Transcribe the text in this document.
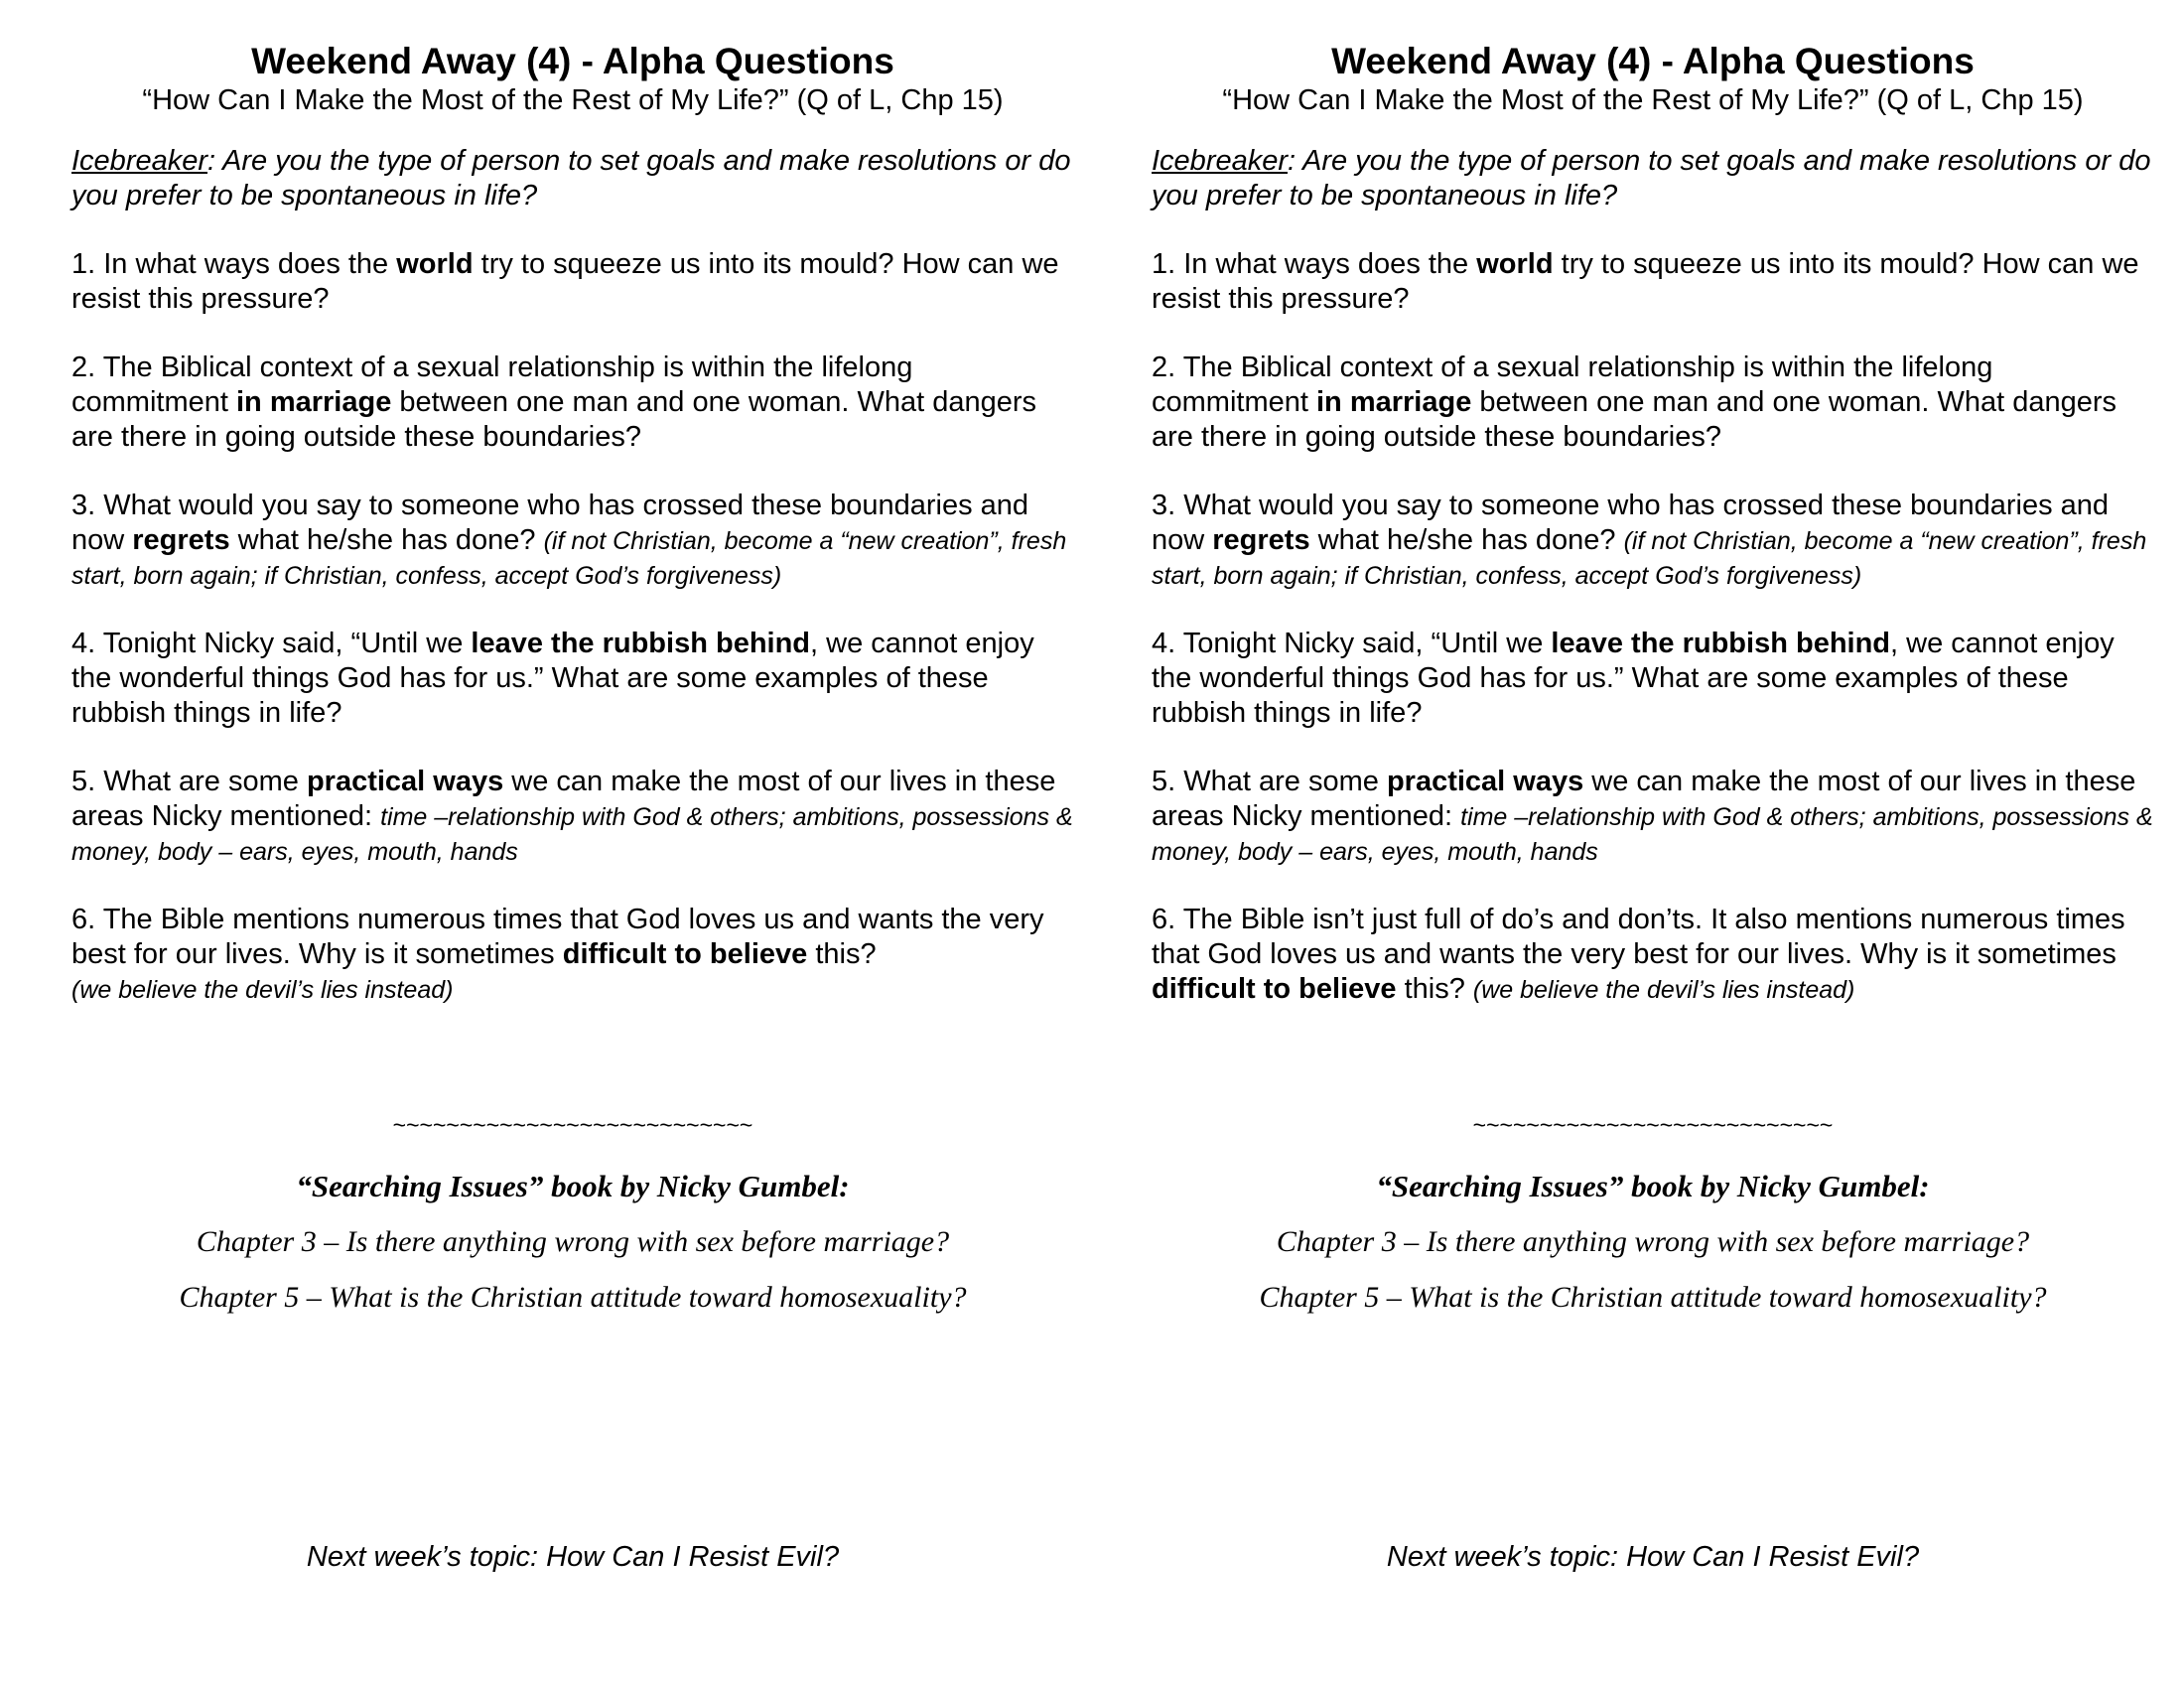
Weekend Away (4) - Alpha Questions

“How Can I Make the Most of the Rest of My Life?” (Q of L, Chp 15)

Icebreaker: Are you the type of person to set goals and make resolutions or do you prefer to be spontaneous in life?

1. In what ways does the world try to squeeze us into its mould? How can we resist this pressure?

2. The Biblical context of a sexual relationship is within the lifelong commitment in marriage between one man and one woman. What dangers are there in going outside these boundaries?

3. What would you say to someone who has crossed these boundaries and now regrets what he/she has done? (if not Christian, become a “new creation”, fresh start, born again; if Christian, confess, accept God’s forgiveness)

4. Tonight Nicky said, “Until we leave the rubbish behind, we cannot enjoy the wonderful things God has for us.” What are some examples of these rubbish things in life?

5. What are some practical ways we can make the most of our lives in these areas Nicky mentioned: time –relationship with God & others; ambitions, possessions & money, body – ears, eyes, mouth, hands

6. The Bible mentions numerous times that God loves us and wants the very best for our lives. Why is it sometimes difficult to believe this?
(we believe the devil’s lies instead)

~~~~~~~~~~~~~~~~~~~~~~~~~~~

“Searching Issues” book by Nicky Gumbel:

Chapter 3 – Is there anything wrong with sex before marriage?

Chapter 5 – What is the Christian attitude toward homosexuality?

Next week’s topic: How Can I Resist Evil?

Weekend Away (4) - Alpha Questions

“How Can I Make the Most of the Rest of My Life?” (Q of L, Chp 15)

Icebreaker: Are you the type of person to set goals and make resolutions or do you prefer to be spontaneous in life?

1. In what ways does the world try to squeeze us into its mould? How can we resist this pressure?

2. The Biblical context of a sexual relationship is within the lifelong commitment in marriage between one man and one woman. What dangers are there in going outside these boundaries?

3. What would you say to someone who has crossed these boundaries and now regrets what he/she has done? (if not Christian, become a “new creation”, fresh start, born again; if Christian, confess, accept God’s forgiveness)

4. Tonight Nicky said, “Until we leave the rubbish behind, we cannot enjoy the wonderful things God has for us.” What are some examples of these rubbish things in life?

5. What are some practical ways we can make the most of our lives in these areas Nicky mentioned: time –relationship with God & others; ambitions, possessions & money, body – ears, eyes, mouth, hands

6. The Bible isn’t just full of do’s and don’ts. It also mentions numerous times that God loves us and wants the very best for our lives. Why is it sometimes difficult to believe this? (we believe the devil’s lies instead)

~~~~~~~~~~~~~~~~~~~~~~~~~~~

“Searching Issues” book by Nicky Gumbel:

Chapter 3 – Is there anything wrong with sex before marriage?

Chapter 5 – What is the Christian attitude toward homosexuality?

Next week’s topic: How Can I Resist Evil?
